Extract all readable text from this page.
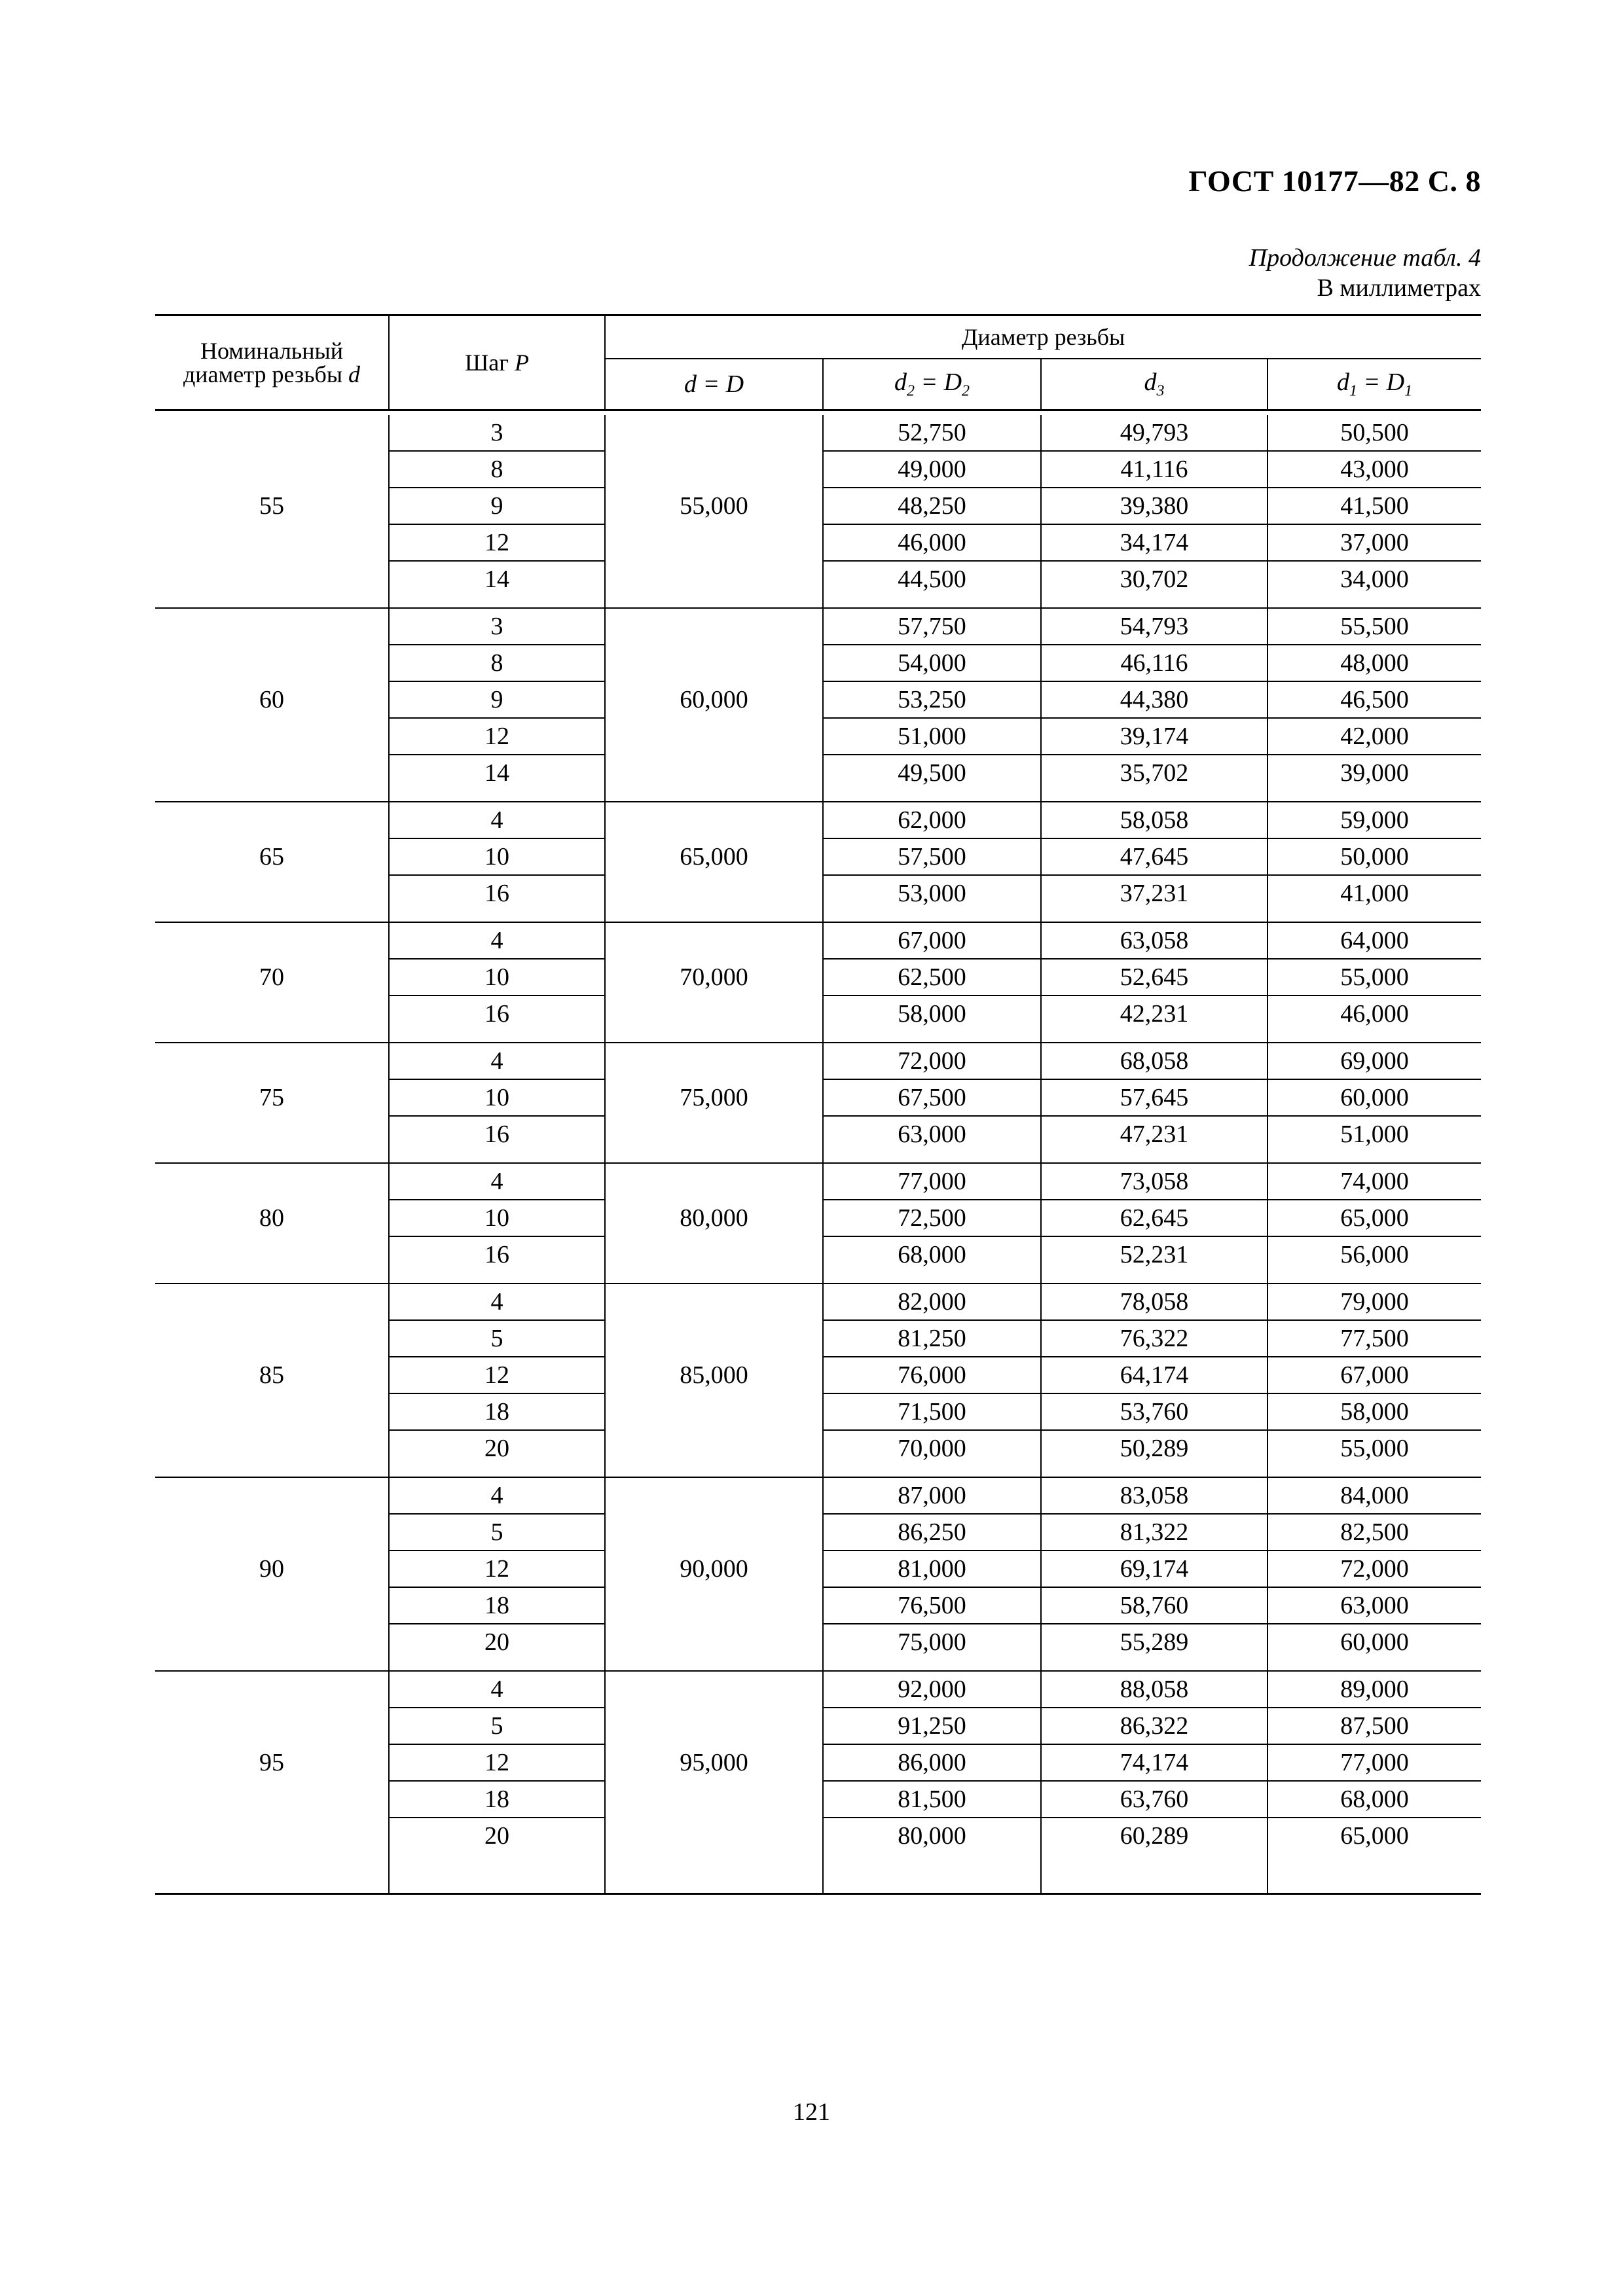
ГОСТ 10177—82 С. 8
Продолжение табл. 4
В миллиметрах
Номинальный
диаметр резьбы d	Шаг P	Диаметр резьбы			
		d = D	$d_2 = D_2$	$d_3$	$d_1 = D_1$

55	3	55,000	52,750	49,793	50,500
	8		49,000	41,116	43,000
	9		48,250	39,380	41,500
	12		46,000	34,174	37,000
	14		44,500	30,702	34,000

60	3	60,000	57,750	54,793	55,500
	8		54,000	46,116	48,000
	9		53,250	44,380	46,500
	12		51,000	39,174	42,000
	14		49,500	35,702	39,000

65	4	65,000	62,000	58,058	59,000
	10		57,500	47,645	50,000
	16		53,000	37,231	41,000

70	4	70,000	67,000	63,058	64,000
	10		62,500	52,645	55,000
	16		58,000	42,231	46,000

75	4	75,000	72,000	68,058	69,000
	10		67,500	57,645	60,000
	16		63,000	47,231	51,000

80	4	80,000	77,000	73,058	74,000
	10		72,500	62,645	65,000
	16		68,000	52,231	56,000

85	4	85,000	82,000	78,058	79,000
	5		81,250	76,322	77,500
	12		76,000	64,174	67,000
	18		71,500	53,760	58,000
	20		70,000	50,289	55,000

90	4	90,000	87,000	83,058	84,000
	5		86,250	81,322	82,500
	12		81,000	69,174	72,000
	18		76,500	58,760	63,000
	20		75,000	55,289	60,000

95	4	95,000	92,000	88,058	89,000
	5		91,250	86,322	87,500
	12		86,000	74,174	77,000
	18		81,500	63,760	68,000
	20		80,000	60,289	65,000

121
